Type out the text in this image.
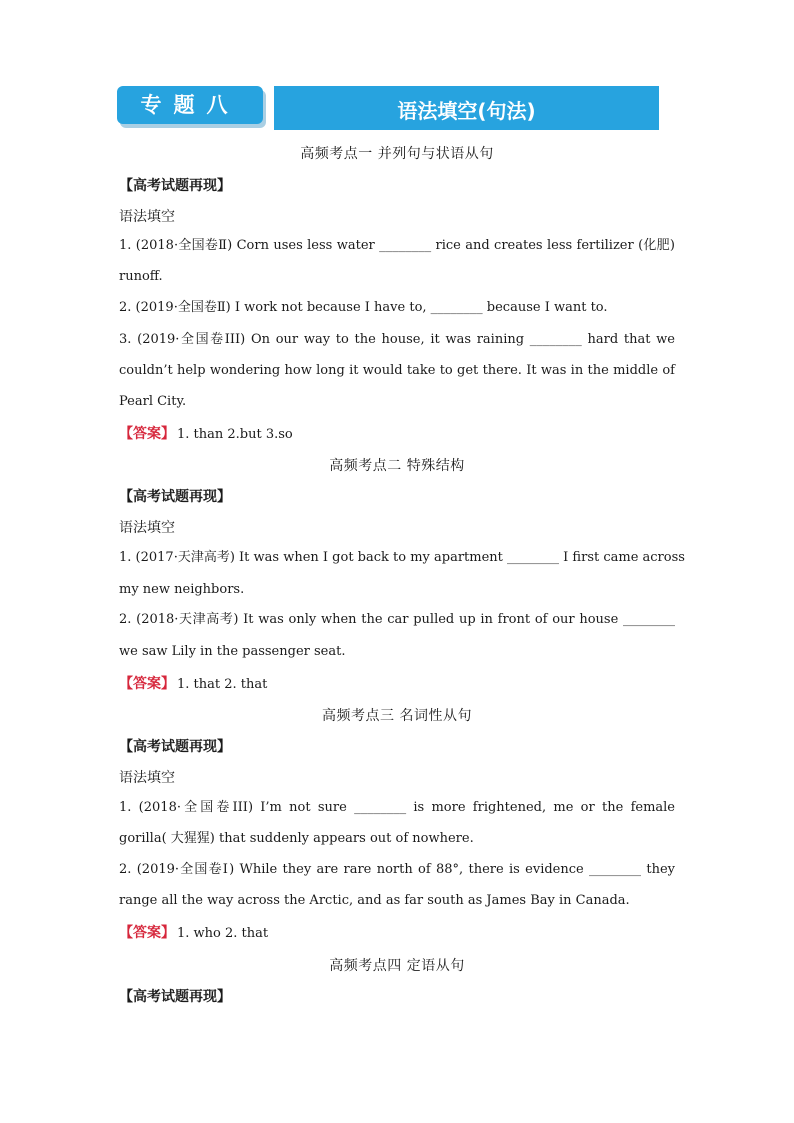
专题八	语法填空(句法)
高频考点一 并列句与状语从句
【高考试题再现】
语法填空
1. (2018·全国卷Ⅱ) Corn uses less water ________ rice and creates less fertilizer (化肥)
runoff.
2. (2019·全国卷Ⅱ) I work not because I have to, ________ because I want to.
3. (2019·全国卷III) On our way to the house, it was raining ________ hard that we
couldn’t help wondering how long it would take to get there. It was in the middle of
Pearl City.
【答案】 1. than 2.but 3.so
高频考点二 特殊结构
【高考试题再现】
语法填空
1. (2017·天津高考) It was when I got back to my apartment ________ I first came across
my new neighbors.
2. (2018·天津高考) It was only when the car pulled up in front of our house ________
we saw Lily in the passenger seat.
【答案】 1. that 2. that
高频考点三 名词性从句
【高考试题再现】
语法填空
1. (2018·全国卷III) I’m not sure ________ is more frightened, me or the female
gorilla( 大猩猩) that suddenly appears out of nowhere.
2. (2019·全国卷Ⅰ) While they are rare north of 88°, there is evidence ________ they
range all the way across the Arctic, and as far south as James Bay in Canada.
【答案】 1. who 2. that
高频考点四 定语从句
【高考试题再现】
